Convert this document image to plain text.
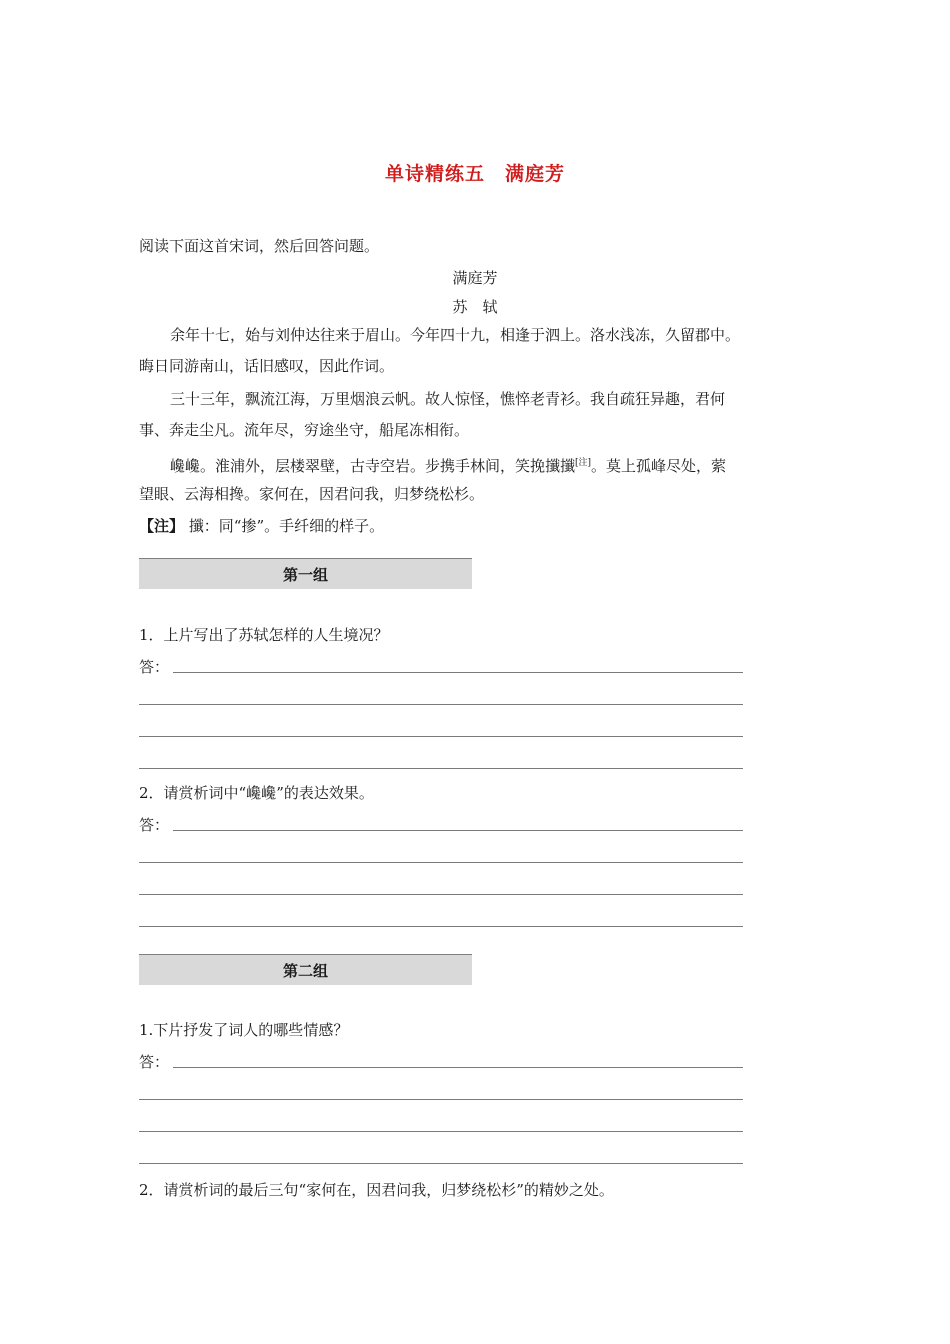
单诗精练五　满庭芳
阅读下面这首宋词，然后回答问题。
满庭芳
苏　轼
余年十七，始与刘仲达往来于眉山。今年四十九，相逢于泗上。洛水浅冻，久留郡中。
晦日同游南山，话旧感叹，因此作词。
三十三年，飘流江海，万里烟浪云帆。故人惊怪，憔悴老青衫。我自疏狂异趣，君何
事、奔走尘凡。流年尽，穷途坐守，船尾冻相衔。
巉巉。淮浦外，层楼翠壁，古寺空岩。步携手林间，笑挽攕攕[注]。莫上孤峰尽处，萦
望眼、云海相搀。家何在，因君问我，归梦绕松杉。
【注】 攕：同“掺”。手纤细的样子。
第一组
1．上片写出了苏轼怎样的人生境况？
答：
2．请赏析词中“巉巉”的表达效果。
答：
第二组
1.下片抒发了词人的哪些情感？
答：
2．请赏析词的最后三句“家何在，因君问我，归梦绕松杉”的精妙之处。
